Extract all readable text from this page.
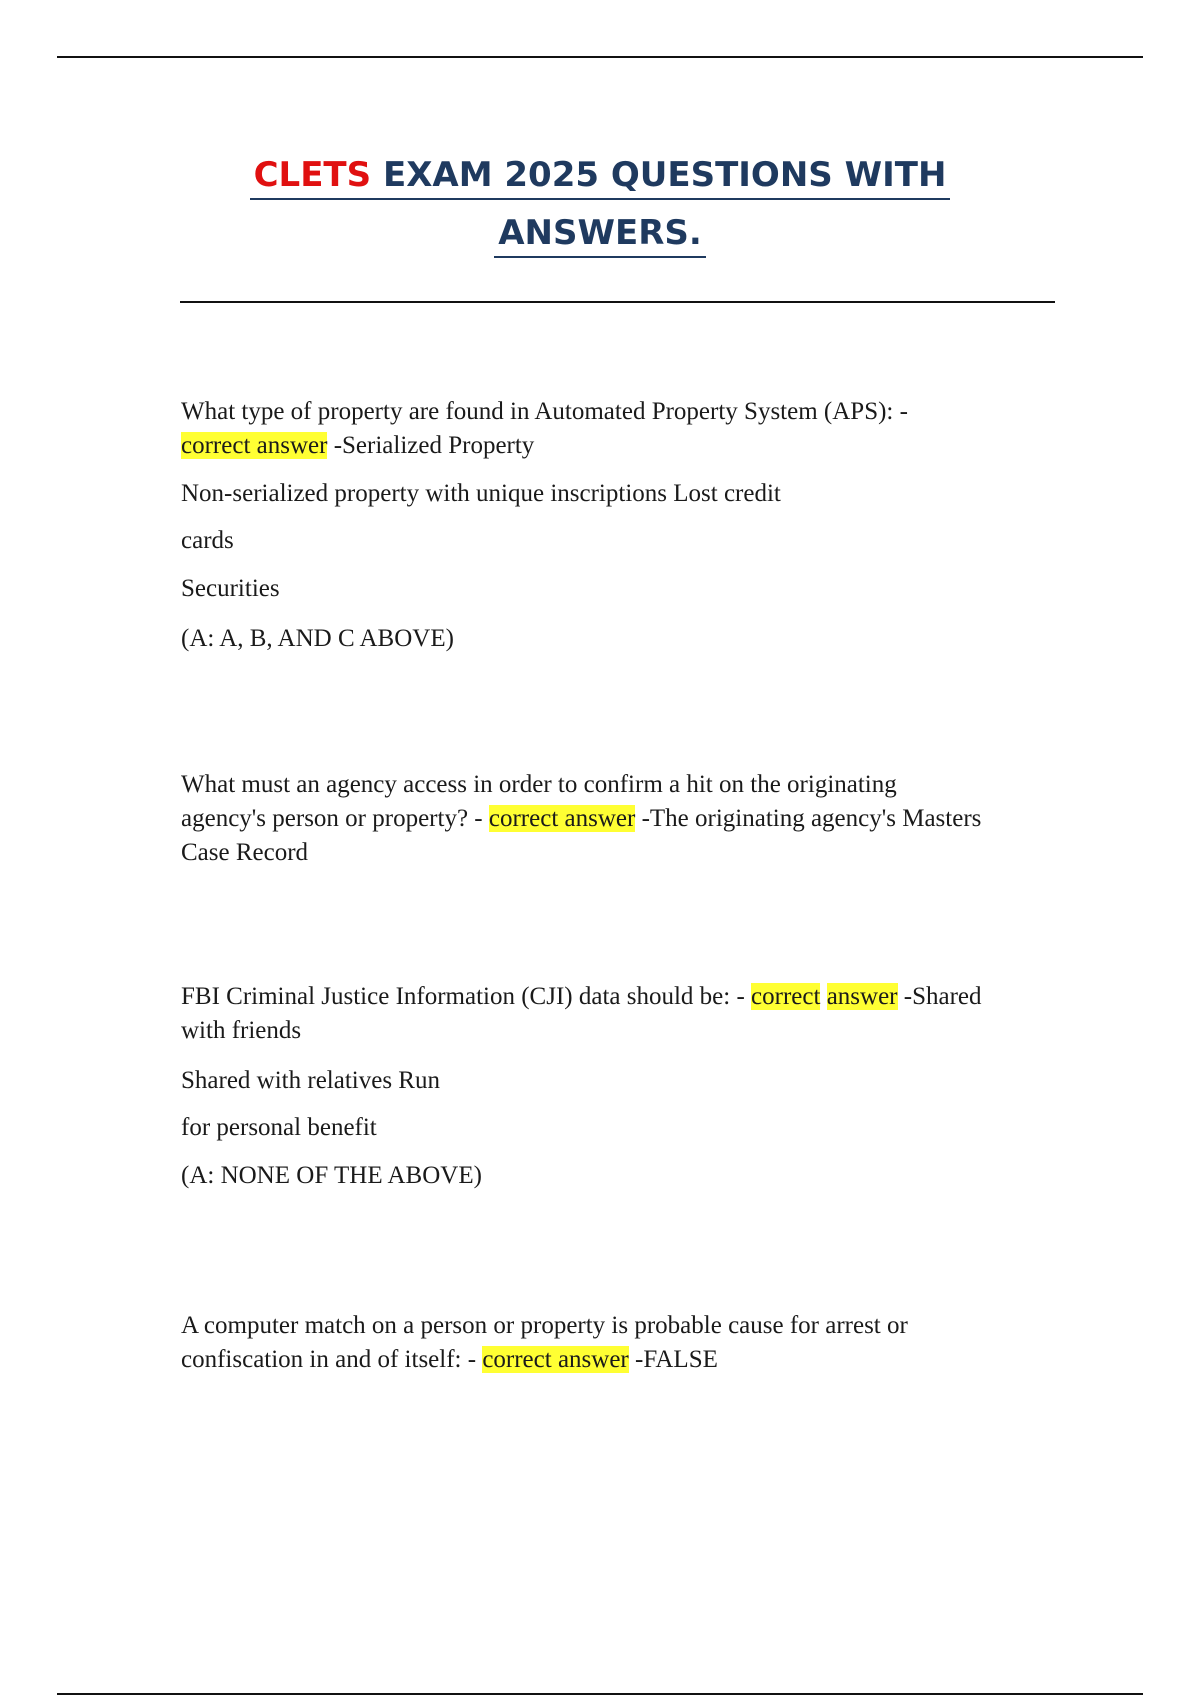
CLETS EXAM 2025 QUESTIONS WITH
ANSWERS.

What type of property are found in Automated Property System (APS): -
correct answer -Serialized Property

Non-serialized property with unique inscriptions Lost credit

cards

Securities

(A: A, B, AND C ABOVE)

What must an agency access in order to confirm a hit on the originating
agency's person or property? - correct answer -The originating agency's Masters
Case Record

FBI Criminal Justice Information (CJI) data should be: - correct answer -Shared
with friends

Shared with relatives Run

for personal benefit

(A: NONE OF THE ABOVE)

A computer match on a person or property is probable cause for arrest or
confiscation in and of itself: - correct answer -FALSE
